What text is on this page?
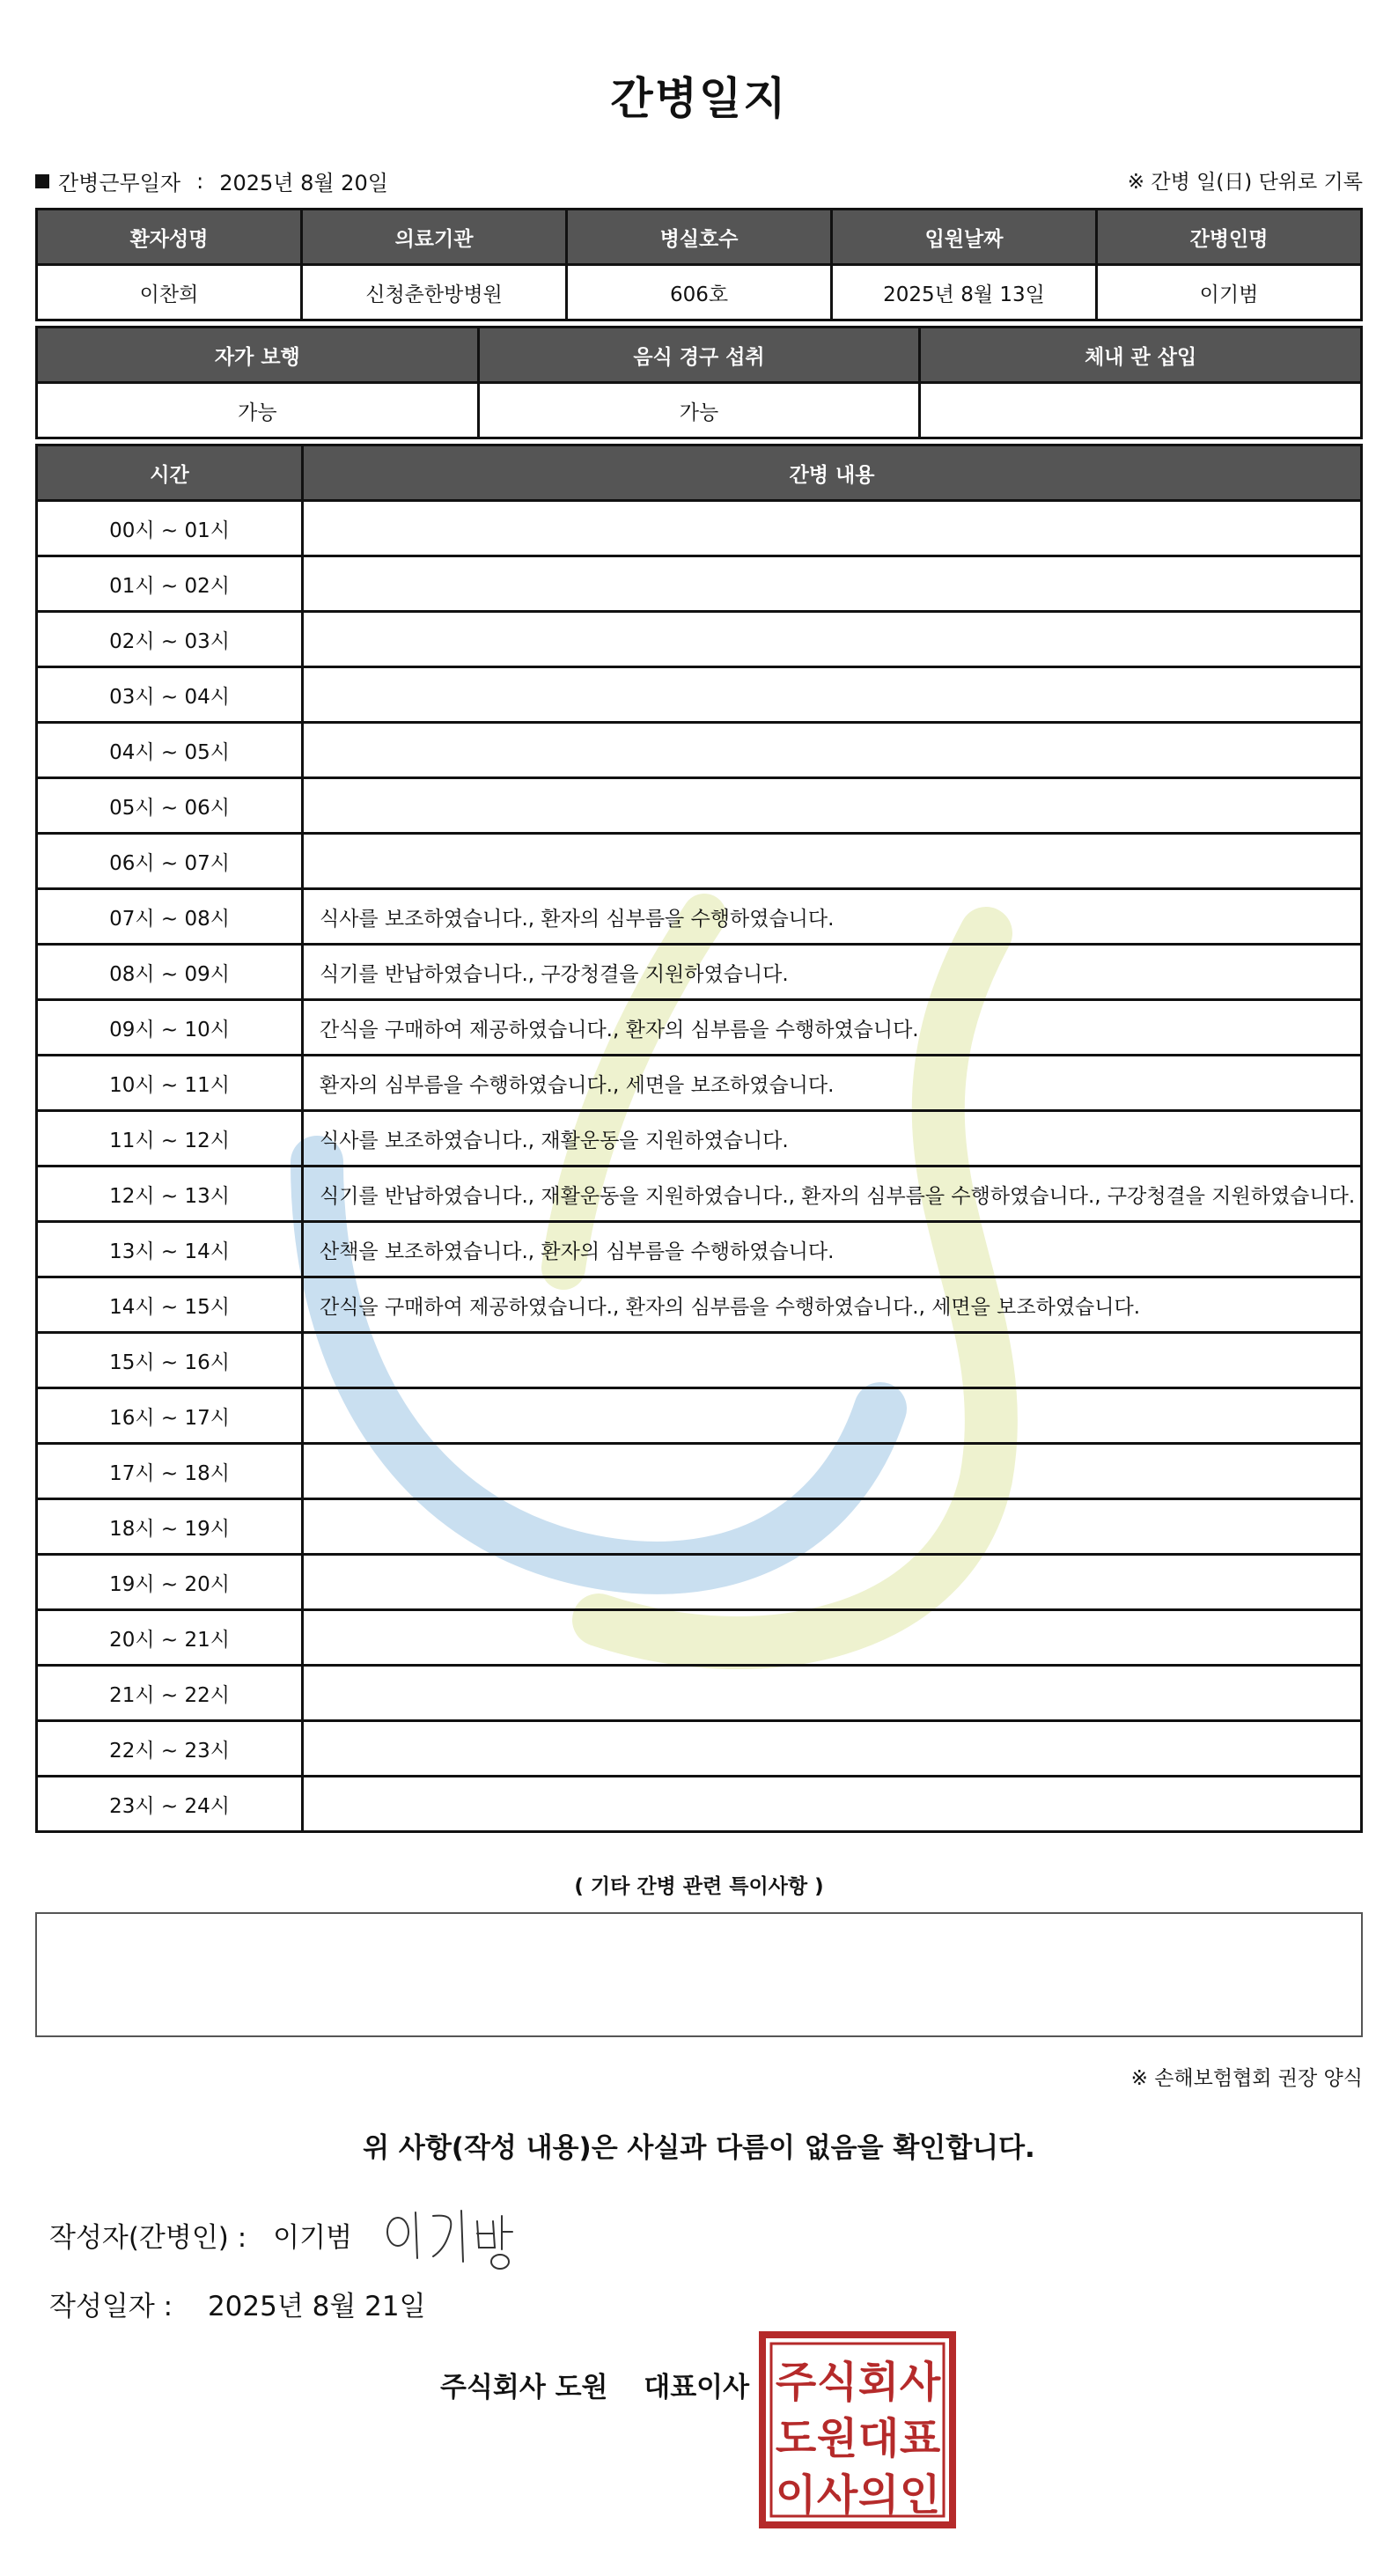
간병일지
간병근무일자 : 2025년 8월 20일	※ 간병 일(日) 단위로 기록
환자성명	의료기관	병실호수	입원날짜	간병인명
이찬희	신청춘한방병원	606호	2025년 8월 13일	이기범
자가 보행	음식 경구 섭취	체내 관 삽입
가능	가능	
시간	간병 내용
00시 ~ 01시	
01시 ~ 02시	
02시 ~ 03시	
03시 ~ 04시	
04시 ~ 05시	
05시 ~ 06시	
06시 ~ 07시	
07시 ~ 08시	식사를 보조하였습니다., 환자의 심부름을 수행하였습니다.
08시 ~ 09시	식기를 반납하였습니다., 구강청결을 지원하였습니다.
09시 ~ 10시	간식을 구매하여 제공하였습니다., 환자의 심부름을 수행하였습니다.
10시 ~ 11시	환자의 심부름을 수행하였습니다., 세면을 보조하였습니다.
11시 ~ 12시	식사를 보조하였습니다., 재활운동을 지원하였습니다.
12시 ~ 13시	식기를 반납하였습니다., 재활운동을 지원하였습니다., 환자의 심부름을 수행하였습니다., 구강청결을 지원하였습니다.
13시 ~ 14시	산책을 보조하였습니다., 환자의 심부름을 수행하였습니다.
14시 ~ 15시	간식을 구매하여 제공하였습니다., 환자의 심부름을 수행하였습니다., 세면을 보조하였습니다.
15시 ~ 16시	
16시 ~ 17시	
17시 ~ 18시	
18시 ~ 19시	
19시 ~ 20시	
20시 ~ 21시	
21시 ~ 22시	
22시 ~ 23시	
23시 ~ 24시	
( 기타 간병 관련 특이사항 )
※ 손해보험협회 권장 양식
위 사항(작성 내용)은 사실과 다름이 없음을 확인합니다.
작성자(간병인) : 이기범
작성일자 : 2025년 8월 21일
주식회사 도원 대표이사 주 식 회 사
도 원 대 표
이 사 의 인
